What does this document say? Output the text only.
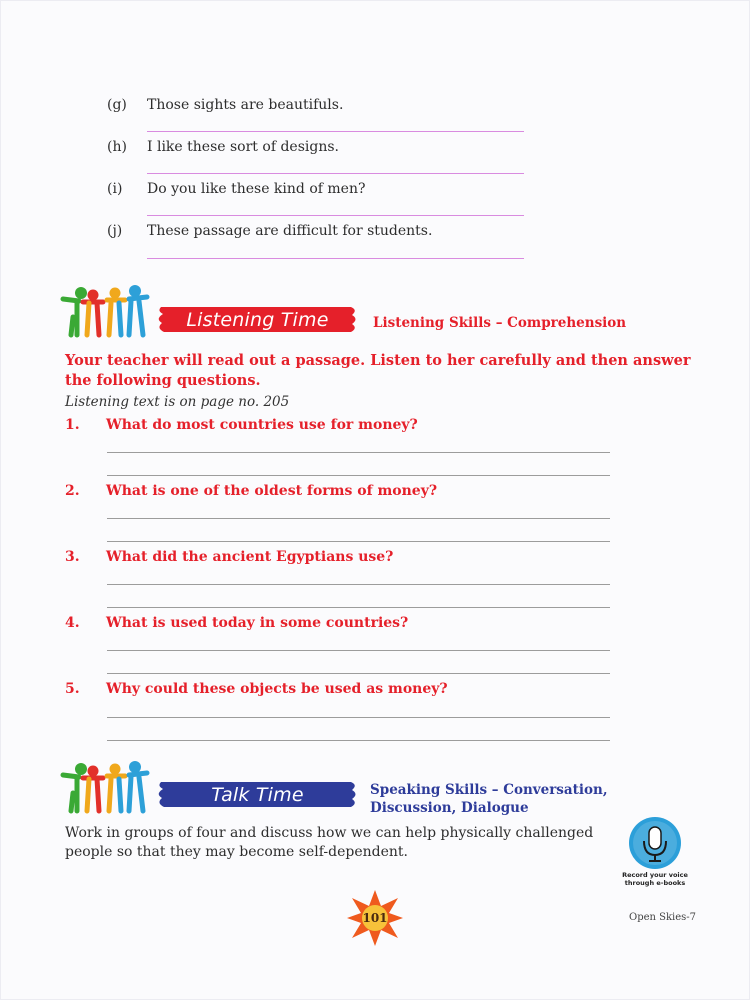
(g) Those sights are beautifuls.
(h) I like these sort of designs.
(i) Do you like these kind of men?
(j) These passage are difficult for students.
Listening Time	Listening Skills – Comprehension
Your teacher will read out a passage. Listen to her carefully and then answer the following questions.
Listening text is on page no. 205
1. What do most countries use for money?
2. What is one of the oldest forms of money?
3. What did the ancient Egyptians use?
4. What is used today in some countries?
5. Why could these objects be used as money?
Talk Time	Speaking Skills – Conversation,
Discussion, Dialogue
Work in groups of four and discuss how we can help physically challenged people so that they may become self-dependent.
Record your voice
through e-books
101	Open Skies-7
